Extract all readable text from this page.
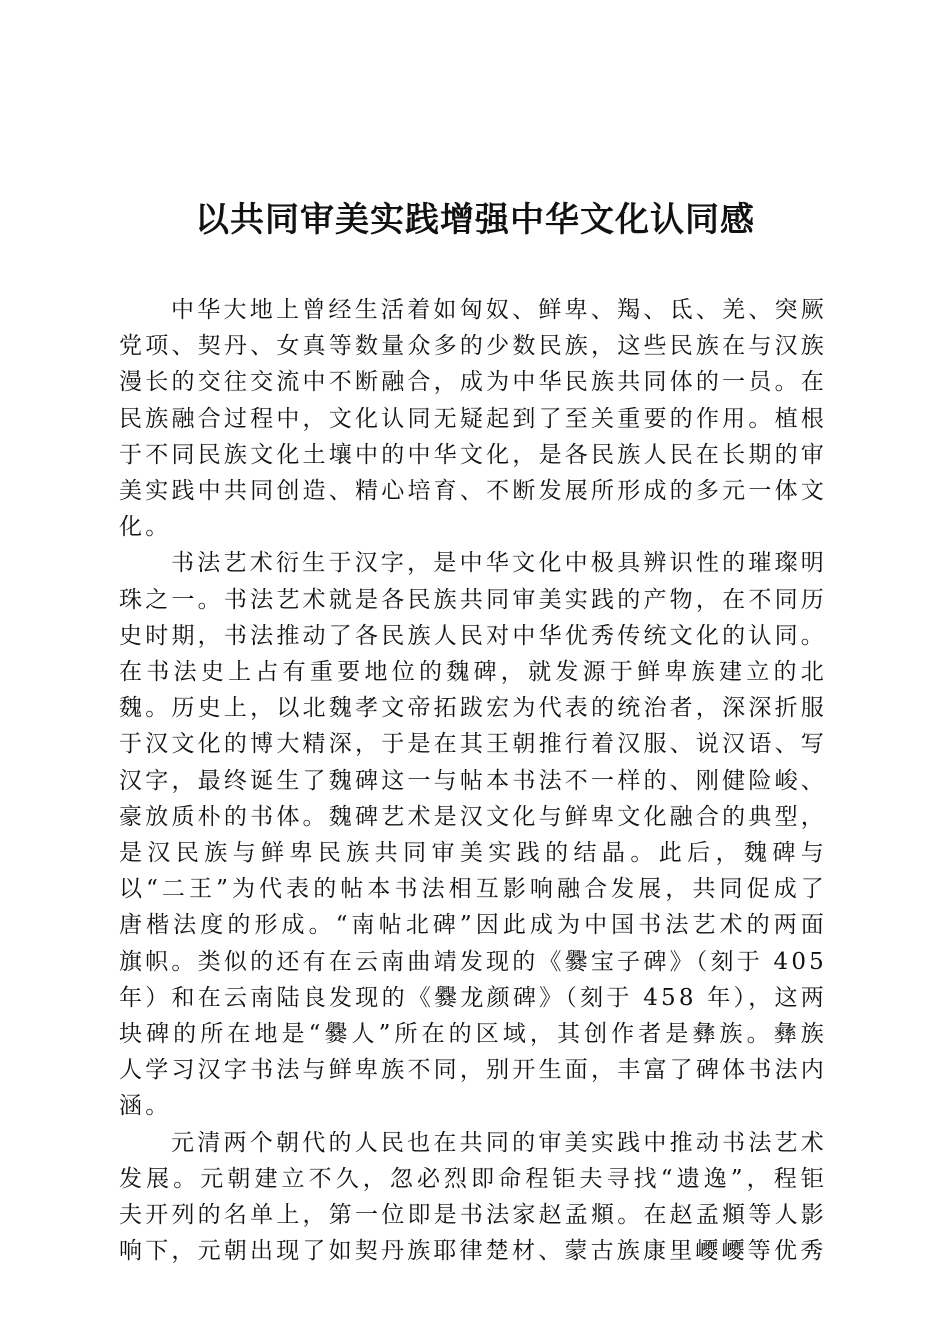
以共同审美实践增强中华文化认同感

中华大地上曾经生活着如匈奴、鲜卑、羯、氐、羌、突厥党项、契丹、女真等数量众多的少数民族，这些民族在与汉族漫长的交往交流中不断融合，成为中华民族共同体的一员。在民族融合过程中，文化认同无疑起到了至关重要的作用。植根于不同民族文化土壤中的中华文化，是各民族人民在长期的审美实践中共同创造、精心培育、不断发展所形成的多元一体文化。

书法艺术衍生于汉字，是中华文化中极具辨识性的璀璨明珠之一。书法艺术就是各民族共同审美实践的产物，在不同历史时期，书法推动了各民族人民对中华优秀传统文化的认同。在书法史上占有重要地位的魏碑，就发源于鲜卑族建立的北魏。历史上，以北魏孝文帝拓跋宏为代表的统治者，深深折服于汉文化的博大精深，于是在其王朝推行着汉服、说汉语、写汉字，最终诞生了魏碑这一与帖本书法不一样的、刚健险峻、豪放质朴的书体。魏碑艺术是汉文化与鲜卑文化融合的典型，是汉民族与鲜卑民族共同审美实践的结晶。此后，魏碑与以“二王”为代表的帖本书法相互影响融合发展，共同促成了唐楷法度的形成。“南帖北碑”因此成为中国书法艺术的两面旗帜。类似的还有在云南曲靖发现的《爨宝子碑》（刻于 405 年）和在云南陆良发现的《爨龙颜碑》（刻于 458 年），这两块碑的所在地是“爨人”所在的区域，其创作者是彝族。彝族人学习汉字书法与鲜卑族不同，别开生面，丰富了碑体书法内涵。

元清两个朝代的人民也在共同的审美实践中推动书法艺术发展。元朝建立不久，忽必烈即命程钜夫寻找“遗逸”，程钜夫开列的名单上，第一位即是书法家赵孟頫。在赵孟頫等人影响下，元朝出现了如契丹族耶律楚材、蒙古族康里巎巎等优秀
